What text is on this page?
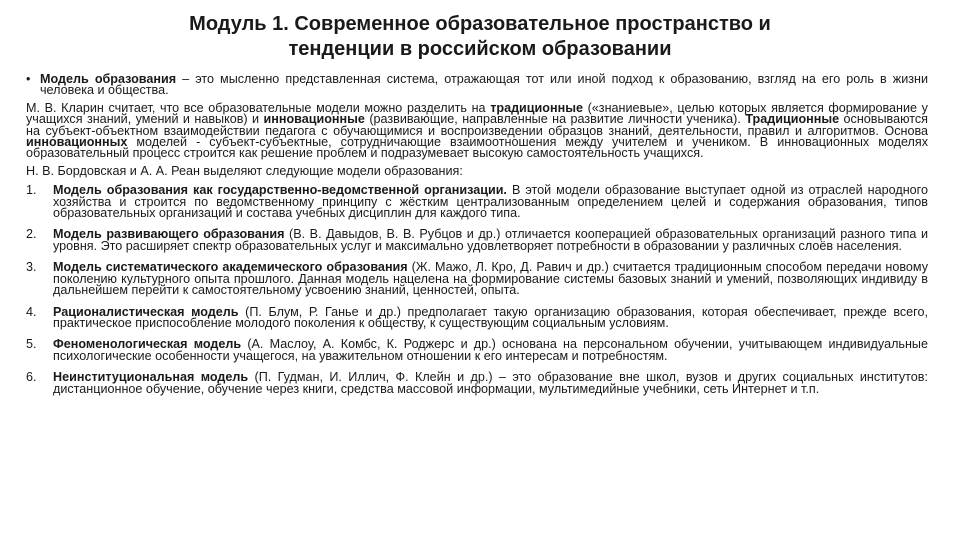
Модуль 1. Современное образовательное пространство и
тенденции в российском образовании
• Модель образования – это мысленно представленная система, отражающая тот или иной подход к образованию, взгляд на его роль в жизни человека и общества.

М. В. Кларин считает, что все образовательные модели можно разделить на традиционные («знаниевые», целью которых является формирование у учащихся знаний, умений и навыков) и инновационные (развивающие, направленные на развитие личности ученика). Традиционные основываются на субъект-объектном взаимодействии педагога с обучающимися и воспроизведении образцов знаний, деятельности, правил и алгоритмов. Основа инновационных моделей - субъект-субъектные, сотрудничающие взаимоотношения между учителем и учеником. В инновационных моделях образовательный процесс строится как решение проблем и подразумевает высокую самостоятельность учащихся.

Н. В. Бордовская и А. А. Реан выделяют следующие модели образования:

1.	Модель образования как государственно-ведомственной организации. В этой модели образование выступает одной из отраслей народного хозяйства и строится по ведомственному принципу с жёстким централизованным определением целей и содержания образования, типов образовательных организаций и состава учебных дисциплин для каждого типа.
2.	Модель развивающего образования (В. В. Давыдов, В. В. Рубцов и др.) отличается кооперацией образовательных организаций разного типа и уровня. Это расширяет спектр образовательных услуг и максимально удовлетворяет потребности в образовании у различных слоёв населения.
3.	Модель систематического академического образования (Ж. Мажо, Л. Кро, Д. Равич и др.) считается традиционным способом передачи новому поколению культурного опыта прошлого. Данная модель нацелена на формирование системы базовых знаний и умений, позволяющих индивиду в дальнейшем перейти к самостоятельному усвоению знаний, ценностей, опыта.
4.	Рационалистическая модель (П. Блум, Р. Ганье и др.) предполагает такую организацию образования, которая обеспечивает, прежде всего, практическое приспособление молодого поколения к обществу, к существующим социальным условиям.
5.	Феноменологическая модель (А. Маслоу, А. Комбс, К. Роджерс и др.) основана на персональном обучении, учитывающем индивидуальные психологические особенности учащегося, на уважительном отношении к его интересам и потребностям.
6.	Неинституциональная модель (П. Гудман, И. Иллич, Ф. Клейн и др.) – это образование вне школ, вузов и других социальных институтов: дистанционное обучение, обучение через книги, средства массовой информации, мультимедийные учебники, сеть Интернет и т.п.
